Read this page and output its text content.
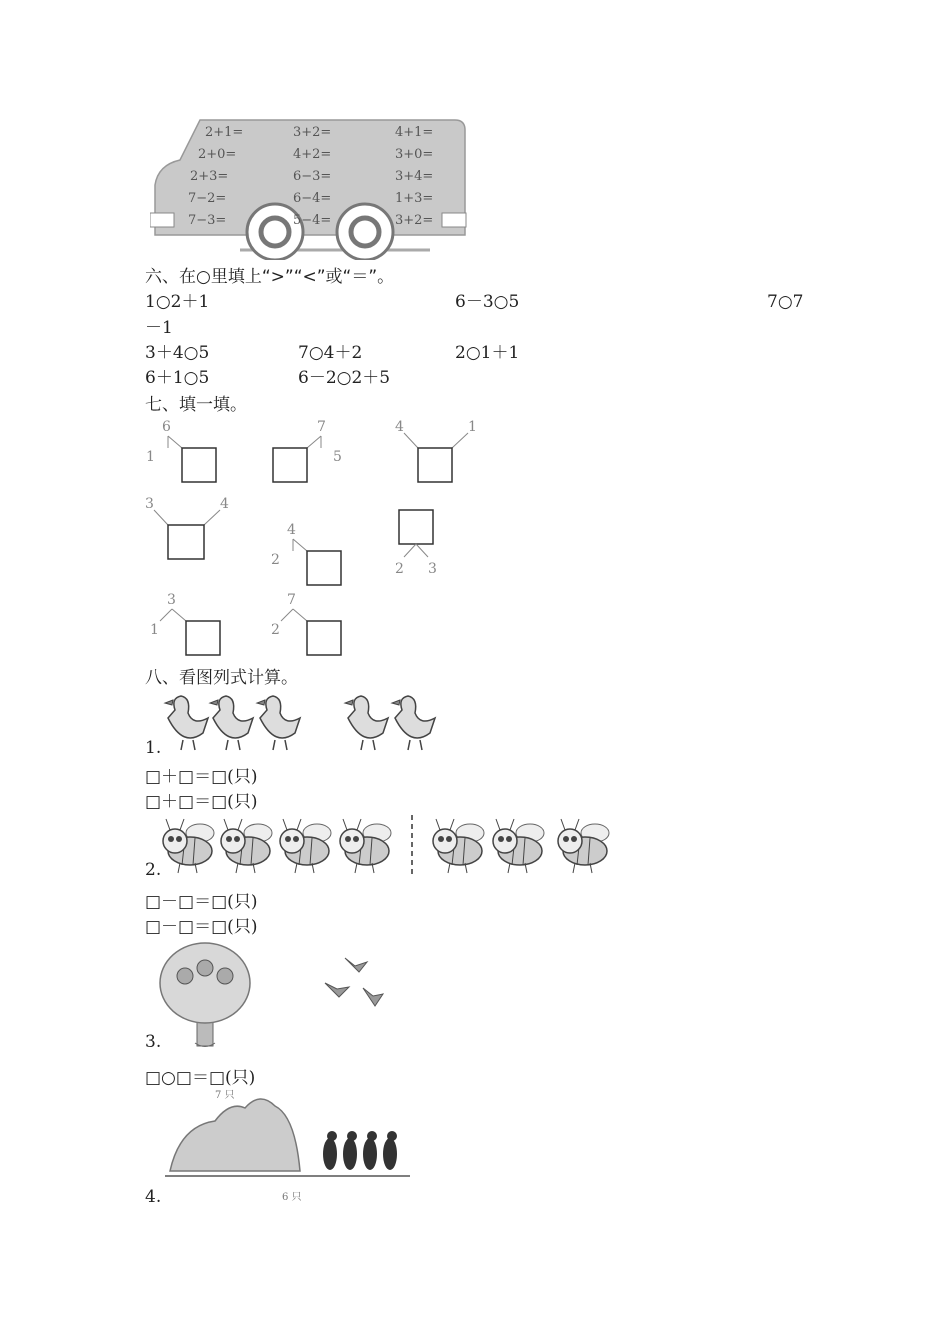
2+1=	3+2=	4+1=
2+0=	4+2=	3+0=
2+3=	6−3=	3+4=
7−2=	6−4=	1+3=
7−3=	5−4=	3+2=
六、在○里填上“>”“<”或“＝”。
1○2＋1	6－3○5	7○7
－1
3＋4○5	7○4＋2	2○1＋1
6＋1○5	6－2○2＋5
七、填一填。
6
1
7
5
4	1
3	4
4
2
2 3
3
1
7
2
八、看图列式计算。
1.
□＋□＝□(只)
□＋□＝□(只)
2.
□－□＝□(只)
□－□＝□(只)
3.
□○□＝□(只)
7 只
6 只
4.
